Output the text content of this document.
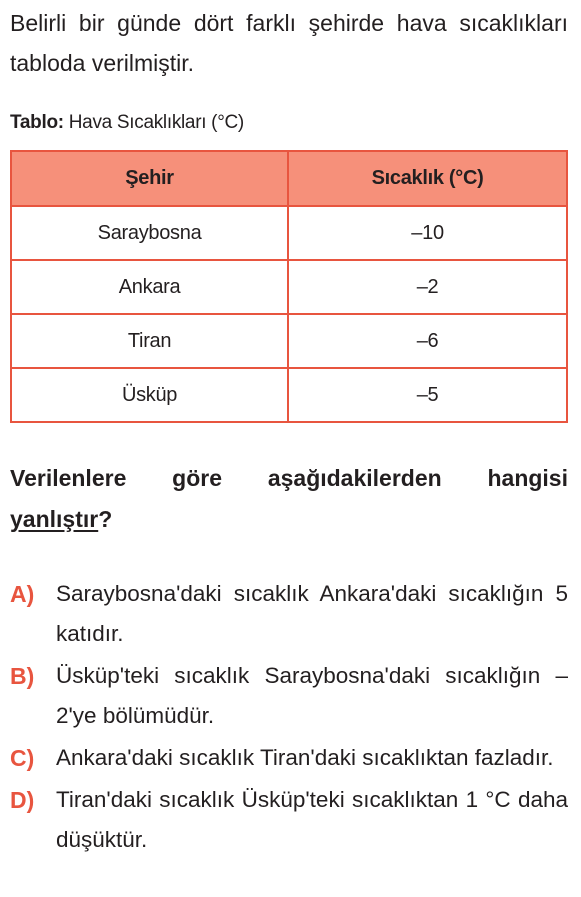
Belirli bir günde dört farklı şehirde hava sıcaklıkları tabloda verilmiştir.
Tablo: Hava Sıcaklıkları (°C)
Şehir	Sıcaklık (°C)
Saraybosna	–10
Ankara	–2
Tiran	–6
Üsküp	–5
Verilenlere göre aşağıdakilerden hangisi yanlıştır?
A) Saraybosna'daki sıcaklık Ankara'daki sıcaklığın 5 katıdır.
B) Üsküp'teki sıcaklık Saraybosna'daki sıcaklığın –2'ye bölümüdür.
C) Ankara'daki sıcaklık Tiran'daki sıcaklıktan fazladır.
D) Tiran'daki sıcaklık Üsküp'teki sıcaklıktan 1 °C daha düşüktür.
